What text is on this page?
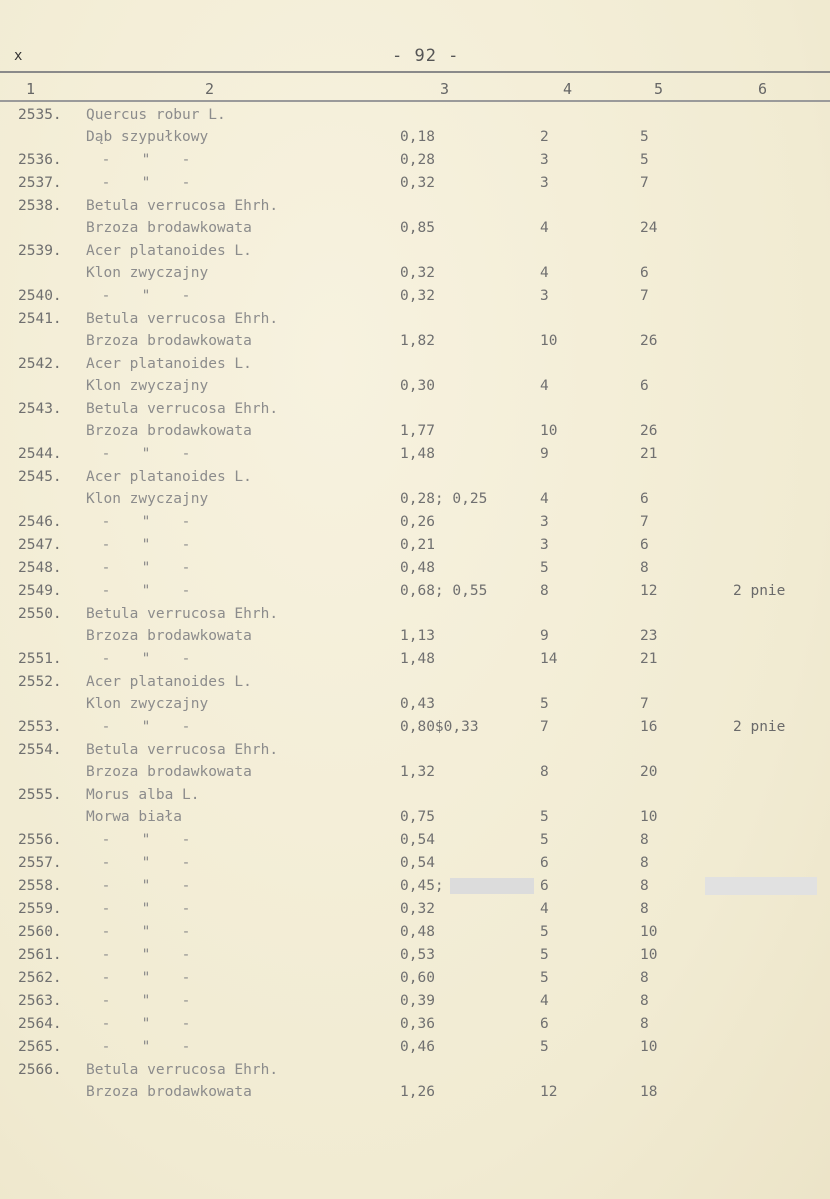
x	- 92 -
1	2	3	4	5	6
2535. Quercus robur L.
Dąb szypułkowy	0,18	2	5
2536.	- " -	0,28	3	5
2537.	- " -	0,32	3	7
2538. Betula verrucosa Ehrh.
Brzoza brodawkowata	0,85	4	24
2539. Acer platanoides L.
Klon zwyczajny	0,32	4	6
2540.	- " -	0,32	3	7
2541. Betula verrucosa Ehrh.
Brzoza brodawkowata	1,82	10	26
2542. Acer platanoides L.
Klon zwyczajny	0,30	4	6
2543. Betula verrucosa Ehrh.
Brzoza brodawkowata	1,77	10	26
2544.	- " -	1,48	9	21
2545. Acer platanoides L.
Klon zwyczajny	0,28; 0,25	4	6
2546.	- " -	0,26	3	7
2547.	- " -	0,21	3	6
2548.	- " -	0,48	5	8
2549.	- " -	0,68; 0,55	8	12	2 pnie
2550. Betula verrucosa Ehrh.
Brzoza brodawkowata	1,13	9	23
2551.	- " -	1,48	14	21
2552. Acer platanoides L.
Klon zwyczajny	0,43	5	7
2553.	- " -	0,80$0,33	7	16	2 pnie
2554. Betula verrucosa Ehrh.
Brzoza brodawkowata	1,32	8	20
2555. Morus alba L.
Morwa biała	0,75	5	10
2556.	- " -	0,54	5	8
2557.	- " -	0,54	6	8
2558.	- " -	0,45;	6	8
2559.	- " -	0,32	4	8
2560.	- " -	0,48	5	10
2561.	- " -	0,53	5	10
2562.	- " -	0,60	5	8
2563.	- " -	0,39	4	8
2564.	- " -	0,36	6	8
2565.	- " -	0,46	5	10
2566. Betula verrucosa Ehrh.
Brzoza brodawkowata	1,26	12	18
